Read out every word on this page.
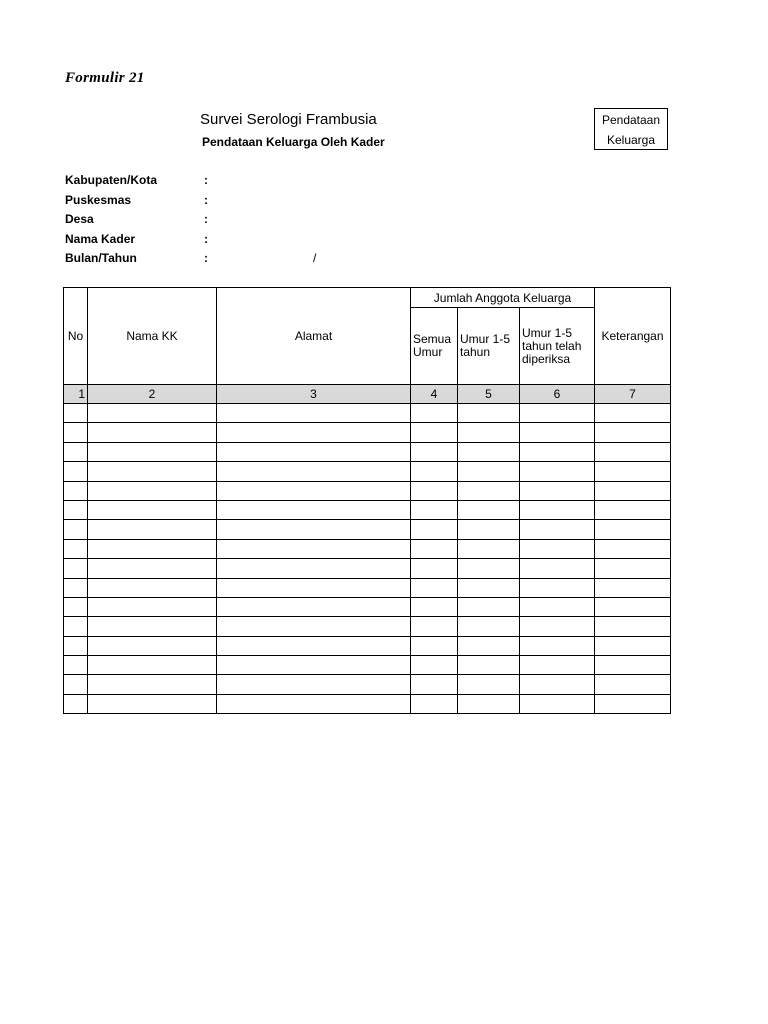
Formulir 21
Survei Serologi Frambusia
Pendataan Keluarga Oleh Kader
Pendataan
Keluarga
Kabupaten/Kota	:
Puskesmas	:
Desa	:
Nama Kader	:
Bulan/Tahun	:	/
No	Nama KK	Alamat	Jumlah Anggota Keluarga			Keterangan
			Semua Umur	Umur 1-5 tahun	Umur 1-5 tahun telah diperiksa	
1	2	3	4	5	6	7
